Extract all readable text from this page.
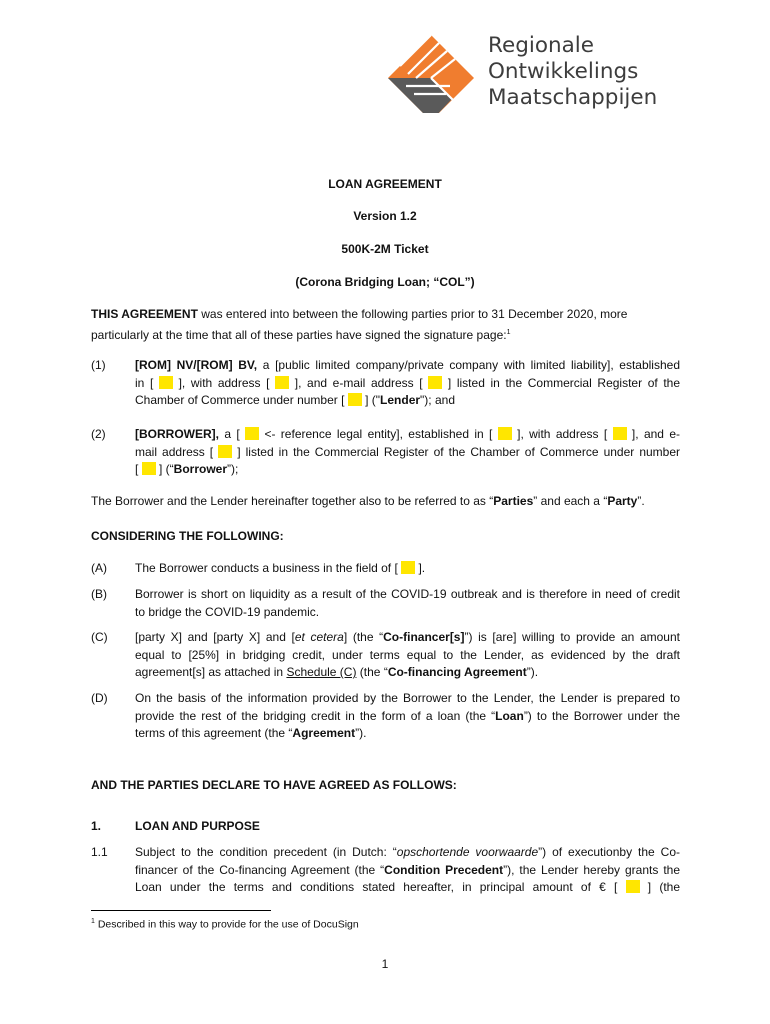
Regionale
Ontwikkelings
Maatschappijen
LOAN AGREEMENT
Version 1.2
500K-2M Ticket
(Corona Bridging Loan; “COL”)
THIS AGREEMENT was entered into between the following parties prior to 31 December 2020, more
particularly at the time that all of these parties have signed the signature page:$^1$
(1) [ROM] NV/[ROM] BV, a [public limited company/private company with limited liability], established
in [  ], with address [  ], and e-mail address [  ] listed in the Commercial Register of the
Chamber of Commerce under number [  ] ("Lender"); and
(2) [BORROWER], a [  <- reference legal entity], established in [  ], with address [  ], and e-
mail address [  ] listed in the Commercial Register of the Chamber of Commerce under number
[  ] (“Borrower”);
The Borrower and the Lender hereinafter together also to be referred to as “Parties” and each a “Party”.
CONSIDERING THE FOLLOWING:
(A) The Borrower conducts a business in the field of [  ].
(B) Borrower is short on liquidity as a result of the COVID-19 outbreak and is therefore in need of credit
to bridge the COVID-19 pandemic.
(C) [party X] and [party X] and [et cetera] (the “Co-financer[s]”) is [are] willing to provide an amount
equal to [25%] in bridging credit, under terms equal to the Lender, as evidenced by the draft
agreement[s] as attached in Schedule (C) (the “Co-financing Agreement”).
(D) On the basis of the information provided by the Borrower to the Lender, the Lender is prepared to
provide the rest of the bridging credit in the form of a loan (the “Loan”) to the Borrower under the
terms of this agreement (the “Agreement”).
AND THE PARTIES DECLARE TO HAVE AGREED AS FOLLOWS:
1.	LOAN AND PURPOSE
1.1 Subject to the condition precedent (in Dutch: “opschortende voorwaarde”) of executionby the Co-
financer of the Co-financing Agreement (the “Condition Precedent”), the Lender hereby grants the
Loan under the terms and conditions stated hereafter, in principal amount of € [  ] (the
$^1$ Described in this way to provide for the use of DocuSign
1
